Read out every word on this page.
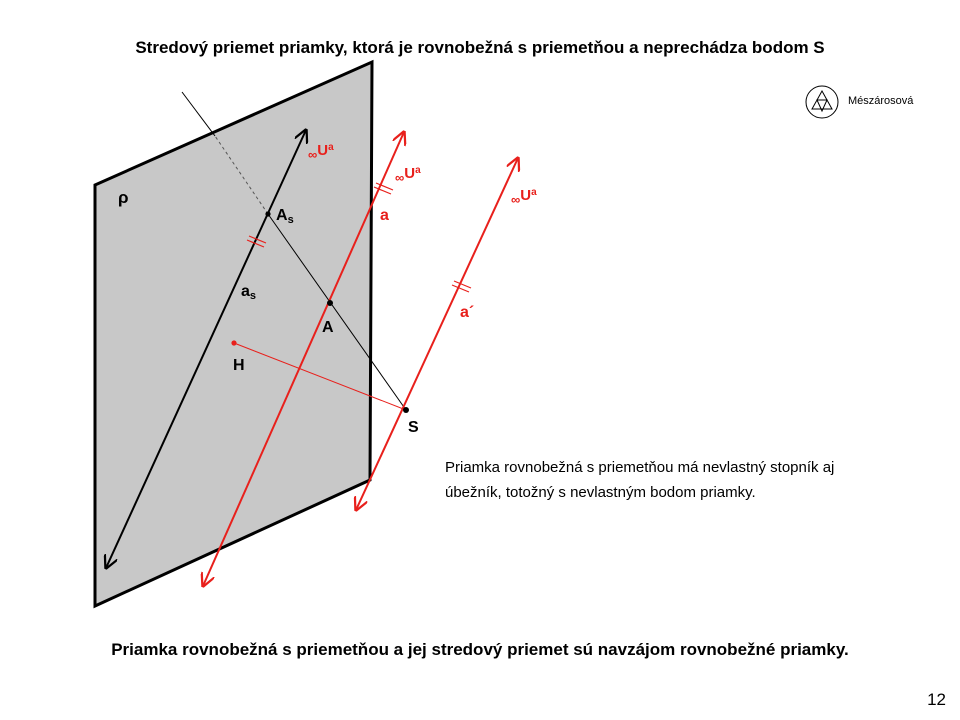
Stredový priemet priamky, ktorá je rovnobežná s priemetňou a neprechádza bodom S
Mészárosová
ρ
As
as
A
H
S
a
a´
$\infty U^a$
$\infty U^a$
$\infty U^a$
Priamka rovnobežná s priemetňou má nevlastný stopník aj
úbežník, totožný s nevlastným bodom priamky.
Priamka rovnobežná s priemetňou a jej stredový priemet sú navzájom rovnobežné priamky.
12
